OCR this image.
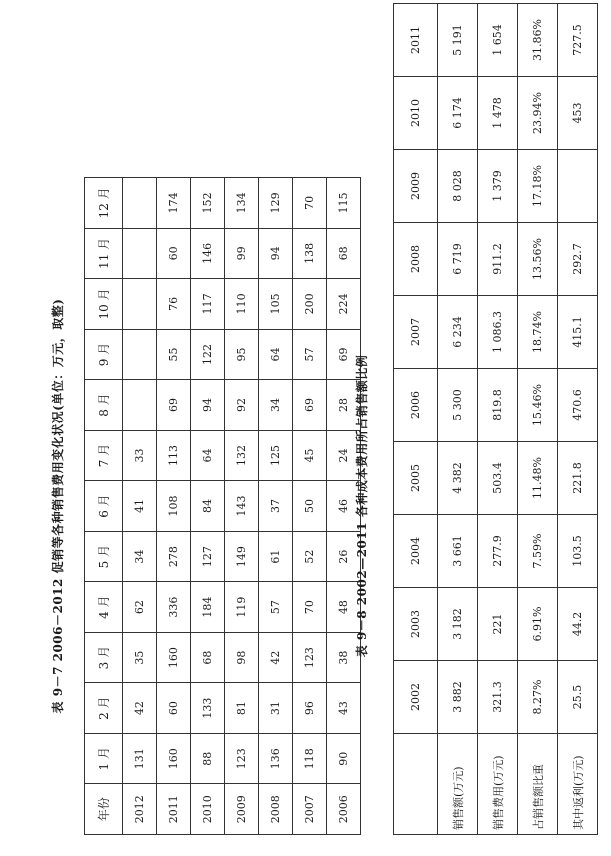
表 9－7 2006－2012 促销等各种销售费用变化状况(单位：万元，取整)
年份	1 月	2 月	3 月	4 月	5 月	6 月	7 月	8 月	9 月	10 月	11 月	12 月
2012	131	42	35	62	34	41	33					
2011	160	60	160	336	278	108	113	69	55	76	60	174
2010	88	133	68	184	127	84	64	94	122	117	146	152
2009	123	81	98	119	149	143	132	92	95	110	99	134
2008	136	31	42	57	61	37	125	34	64	105	94	129
2007	118	96	123	70	52	50	45	69	57	200	138	70
2006	90	43	38	48	26	46	24	28	69	224	68	115
表 9－8 2002—2011 各种成本费用所占销售额比例
	2002	2003	2004	2005	2006	2007	2008	2009	2010	2011
销售额(万元)	3 882	3 182	3 661	4 382	5 300	6 234	6 719	8 028	6 174	5 191
销售费用(万元)	321.3	221	277.9	503.4	819.8	1 086.3	911.2	1 379	1 478	1 654
占销售额比重	8.27%	6.91%	7.59%	11.48%	15.46%	18.74%	13.56%	17.18%	23.94%	31.86%
其中返利(万元)	25.5	44.2	103.5	221.8	470.6	415.1	292.7		453	727.5
